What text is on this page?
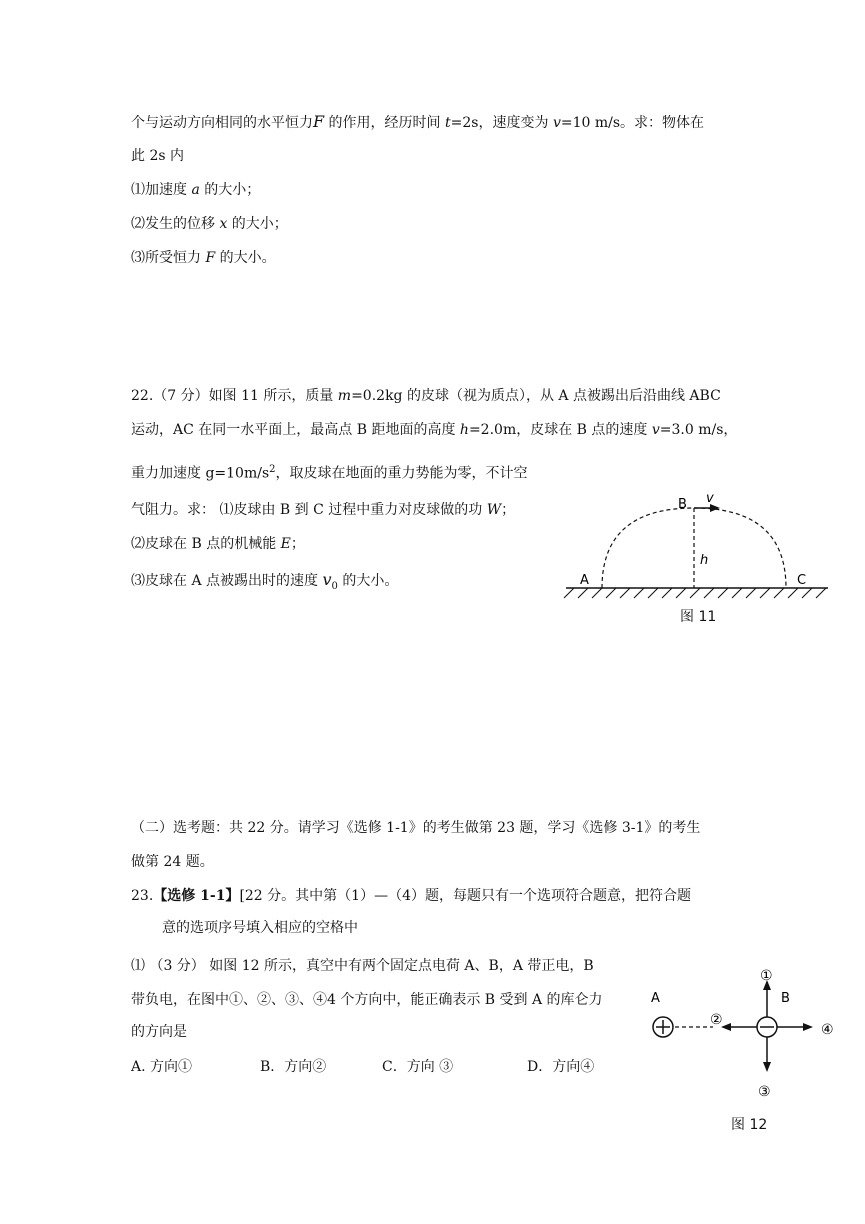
个与运动方向相同的水平恒力F 的作用，经历时间 t=2s，速度变为 v=10 m/s。求：物体在
此 2s 内
⑴加速度 a 的大小；
⑵发生的位移 x 的大小；
⑶所受恒力 F 的大小。
22.（7 分）如图 11 所示，质量 m=0.2kg 的皮球（视为质点），从 A 点被踢出后沿曲线 ABC
运动，AC 在同一水平面上，最高点 B 距地面的高度 h=2.0m，皮球在 B 点的速度 v=3.0 m/s，
重力加速度 $g=10m/s^2$，取皮球在地面的重力势能为零，不计空
气阻力。求： ⑴皮球由 B 到 C 过程中重力对皮球做的功 W；
⑵皮球在 B 点的机械能 E；
⑶皮球在 A 点被踢出时的速度 $v_0$ 的大小。	A
B v
h
C
图 11
（二）选考题：共 22 分。请学习《选修 1-1》的考生做第 23 题，学习《选修 3-1》的考生
做第 24 题。
23.【选修 1-1】[22 分。其中第（1）—（4）题，每题只有一个选项符合题意，把符合题
意的选项序号填入相应的空格中
⑴ （3 分） 如图 12 所示，真空中有两个固定点电荷 A、B，A 带正电，B
带负电，在图中①、②、③、④4 个方向中，能正确表示 B 受到 A 的库仑力
的方向是
A. 方向①	B．方向②	C．方向 ③	D．方向④
A	B
①
②
③
④
图 12
